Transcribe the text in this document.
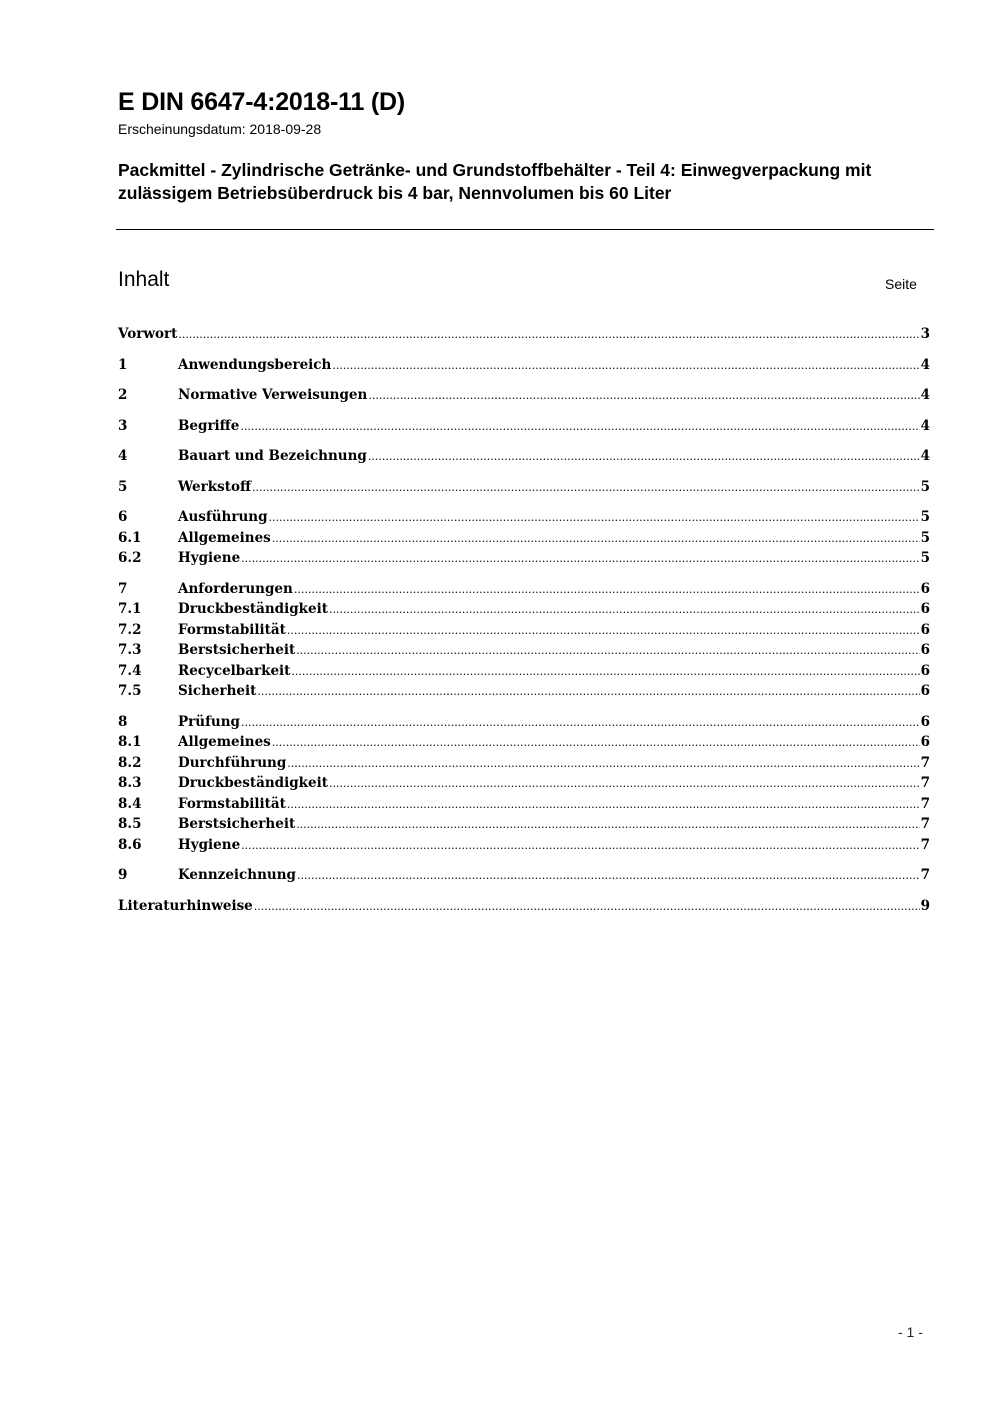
E DIN 6647-4:2018-11 (D)
Erscheinungsdatum: 2018-09-28
Packmittel - Zylindrische Getränke- und Grundstoffbehälter - Teil 4: Einwegverpackung mit zulässigem Betriebsüberdruck bis 4 bar, Nennvolumen bis 60 Liter
Inhalt	Seite
Vorwort .....	3
1	Anwendungsbereich .....	4
2	Normative Verweisungen .....	4
3	Begriffe .....	4
4	Bauart und Bezeichnung .....	4
5	Werkstoff .....	5
6	Ausführung .....	5
6.1	Allgemeines .....	5
6.2	Hygiene .....	5
7	Anforderungen .....	6
7.1	Druckbeständigkeit .....	6
7.2	Formstabilität .....	6
7.3	Berstsicherheit .....	6
7.4	Recycelbarkeit .....	6
7.5	Sicherheit .....	6
8	Prüfung .....	6
8.1	Allgemeines .....	6
8.2	Durchführung .....	7
8.3	Druckbeständigkeit .....	7
8.4	Formstabilität .....	7
8.5	Berstsicherheit .....	7
8.6	Hygiene .....	7
9	Kennzeichnung .....	7
Literaturhinweise .....	9
- 1 -
